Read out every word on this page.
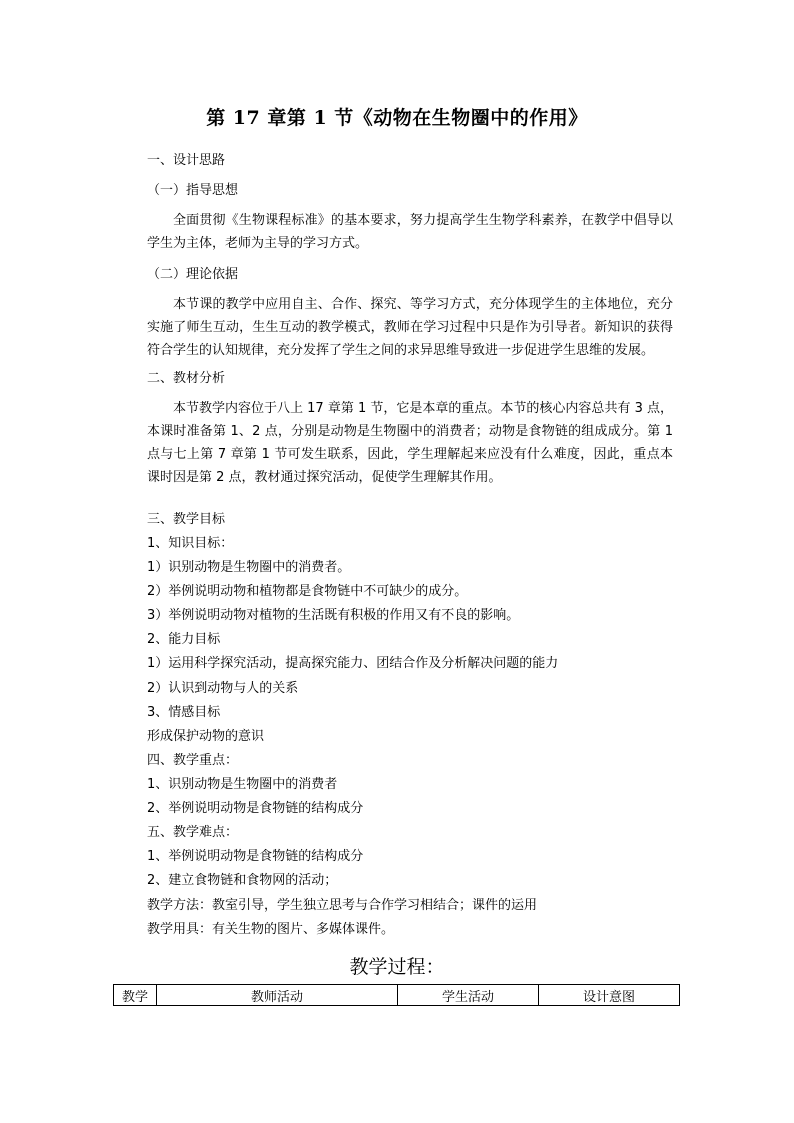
第 17 章第 1 节《动物在生物圈中的作用》
一、设计思路
（一）指导思想
全面贯彻《生物课程标准》的基本要求，努力提高学生生物学科素养，在教学中倡导以学生为主体，老师为主导的学习方式。
（二）理论依据
本节课的教学中应用自主、合作、探究、等学习方式，充分体现学生的主体地位，充分实施了师生互动，生生互动的教学模式，教师在学习过程中只是作为引导者。新知识的获得符合学生的认知规律，充分发挥了学生之间的求异思维导致进一步促进学生思维的发展。
二、教材分析
本节教学内容位于八上 17 章第 1 节，它是本章的重点。本节的核心内容总共有 3 点，本课时准备第 1、2 点，分别是动物是生物圈中的消费者；动物是食物链的组成成分。第 1 点与七上第 7 章第 1 节可发生联系，因此，学生理解起来应没有什么难度，因此，重点本课时因是第 2 点，教材通过探究活动，促使学生理解其作用。
三、教学目标
1、知识目标：
1）识别动物是生物圈中的消费者。
2）举例说明动物和植物都是食物链中不可缺少的成分。
3）举例说明动物对植物的生活既有积极的作用又有不良的影响。
2、能力目标
1）运用科学探究活动，提高探究能力、团结合作及分析解决问题的能力
2）认识到动物与人的关系
3、情感目标
形成保护动物的意识
四、教学重点：
1、识别动物是生物圈中的消费者
2、举例说明动物是食物链的结构成分
五、教学难点：
1、举例说明动物是食物链的结构成分
2、建立食物链和食物网的活动；
教学方法：教室引导，学生独立思考与合作学习相结合；课件的运用
教学用具：有关生物的图片、多媒体课件。
教学过程：
教学	教师活动	学生活动	设计意图
